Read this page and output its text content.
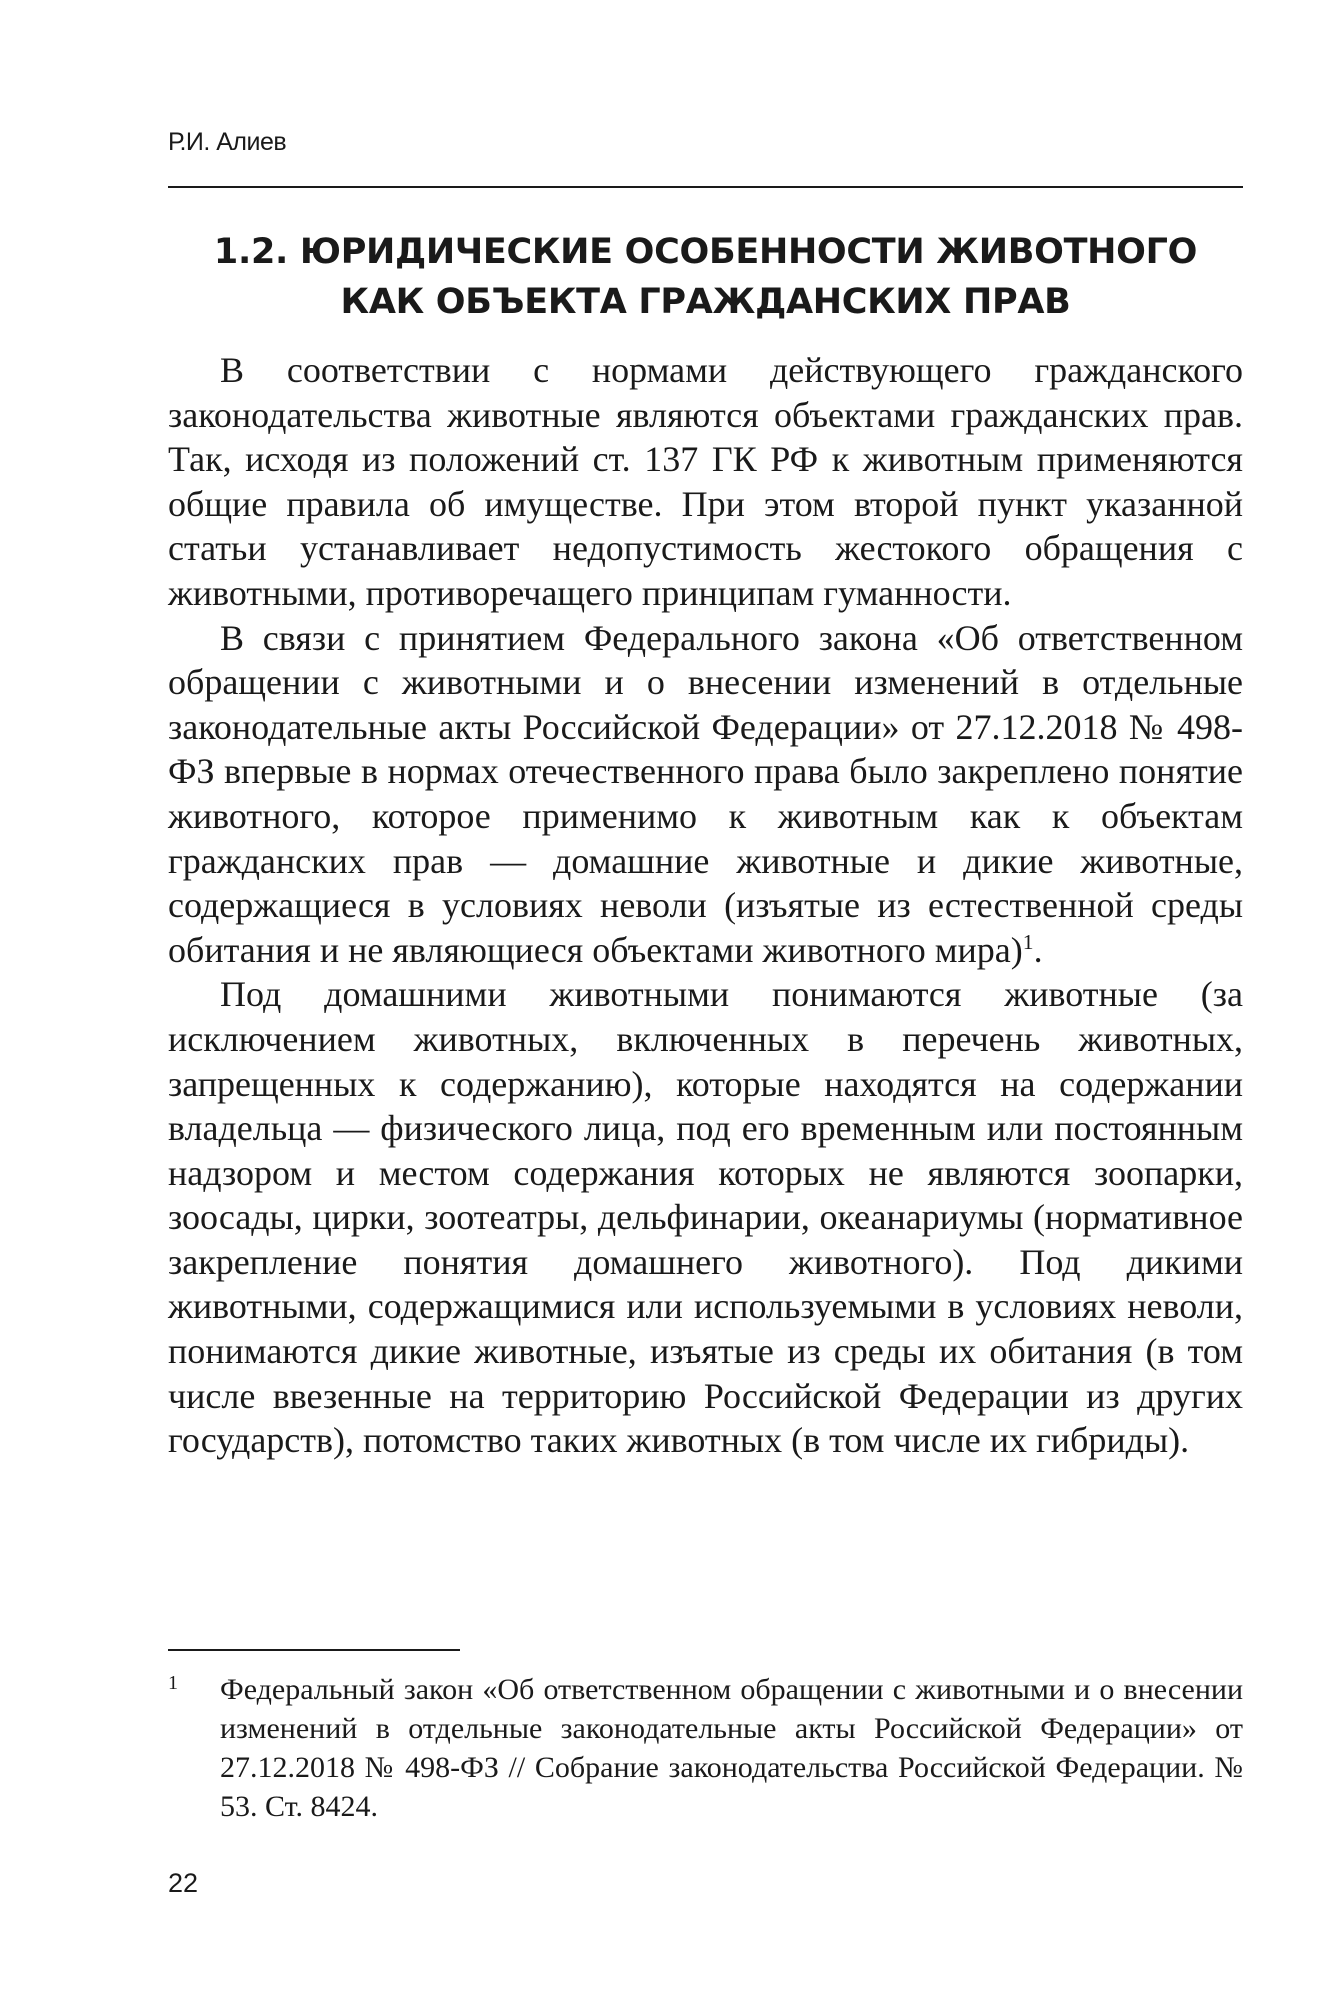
Р.И. Алиев
1.2. ЮРИДИЧЕСКИЕ ОСОБЕННОСТИ ЖИВОТНОГО
КАК ОБЪЕКТА ГРАЖДАНСКИХ ПРАВ

В соответствии с нормами действующего гражданского законодательства животные являются объектами гражданских прав. Так, исходя из положений ст. 137 ГК РФ к животным применяются общие правила об имуществе. При этом второй пункт указанной статьи устанавливает недопустимость жестокого обращения с животными, противоречащего принципам гуманности.

В связи с принятием Федерального закона «Об ответственном обращении с животными и о внесении изменений в отдельные законодательные акты Российской Федерации» от 27.12.2018 № 498-ФЗ впервые в нормах отечественного права было закреплено понятие животного, которое применимо к животным как к объектам гражданских прав — домашние животные и дикие животные, содержащиеся в условиях неволи (изъятые из естественной среды обитания и не являющиеся объектами животного мира)$^1$.

Под домашними животными понимаются животные (за исключением животных, включенных в перечень животных, запрещенных к содержанию), которые находятся на содержании владельца — физического лица, под его временным или постоянным надзором и местом содержания которых не являются зоопарки, зоосады, цирки, зоотеатры, дельфинарии, океанариумы (нормативное закрепление понятия домашнего животного). Под дикими животными, содержащимися или используемыми в условиях неволи, понимаются дикие животные, изъятые из среды их обитания (в том числе ввезенные на территорию Российской Федерации из других государств), потомство таких животных (в том числе их гибриды).

1 Федеральный закон «Об ответственном обращении с животными и о внесении изменений в отдельные законодательные акты Российской Федерации» от 27.12.2018 № 498-ФЗ // Собрание законодательства Российской Федерации. № 53. Ст. 8424.
22
